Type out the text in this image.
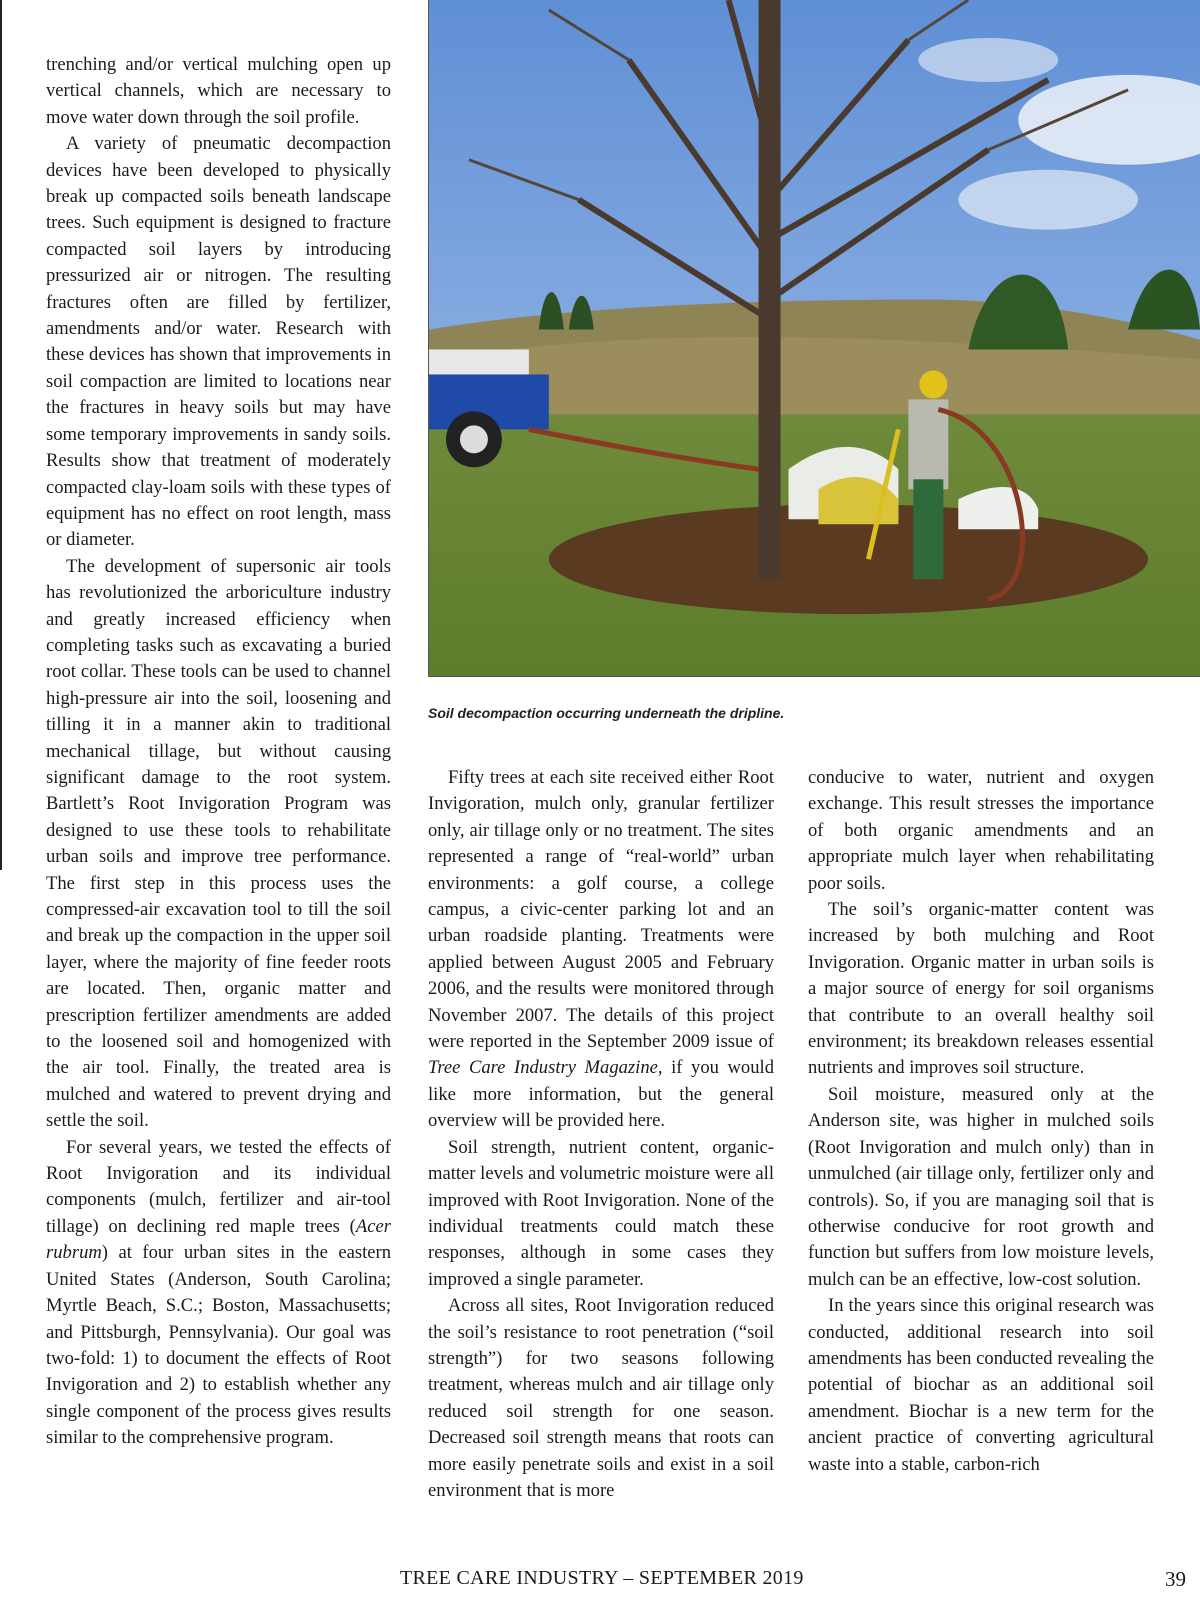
trenching and/or vertical mulching open up vertical channels, which are necessary to move water down through the soil profile.

A variety of pneumatic decompaction devices have been developed to physically break up compacted soils beneath landscape trees. Such equipment is designed to fracture compacted soil layers by introducing pressurized air or nitrogen. The resulting fractures often are filled by fertilizer, amendments and/or water. Research with these devices has shown that improvements in soil compaction are limited to locations near the fractures in heavy soils but may have some temporary improvements in sandy soils. Results show that treatment of moderately compacted clay-loam soils with these types of equipment has no effect on root length, mass or diameter.

The development of supersonic air tools has revolutionized the arboriculture industry and greatly increased efficiency when completing tasks such as excavating a buried root collar. These tools can be used to channel high-pressure air into the soil, loosening and tilling it in a manner akin to traditional mechanical tillage, but without causing significant damage to the root system. Bartlett’s Root Invigoration Program was designed to use these tools to rehabilitate urban soils and improve tree performance. The first step in this process uses the compressed-air excavation tool to till the soil and break up the compaction in the upper soil layer, where the majority of fine feeder roots are located. Then, organic matter and prescription fertilizer amendments are added to the loosened soil and homogenized with the air tool. Finally, the treated area is mulched and watered to prevent drying and settle the soil.

For several years, we tested the effects of Root Invigoration and its individual components (mulch, fertilizer and air-tool tillage) on declining red maple trees (Acer rubrum) at four urban sites in the eastern United States (Anderson, South Carolina; Myrtle Beach, S.C.; Boston, Massachusetts; and Pittsburgh, Pennsylvania). Our goal was two-fold: 1) to document the effects of Root Invigoration and 2) to establish whether any single component of the process gives results similar to the comprehensive program.

Soil decompaction occurring underneath the dripline.

Fifty trees at each site received either Root Invigoration, mulch only, granular fertilizer only, air tillage only or no treatment. The sites represented a range of “real-world” urban environments: a golf course, a college campus, a civic-center parking lot and an urban roadside planting. Treatments were applied between August 2005 and February 2006, and the results were monitored through November 2007. The details of this project were reported in the September 2009 issue of Tree Care Industry Magazine, if you would like more information, but the general overview will be provided here.

Soil strength, nutrient content, organic-matter levels and volumetric moisture were all improved with Root Invigoration. None of the individual treatments could match these responses, although in some cases they improved a single parameter.

Across all sites, Root Invigoration reduced the soil’s resistance to root penetration (“soil strength”) for two seasons following treatment, whereas mulch and air tillage only reduced soil strength for one season. Decreased soil strength means that roots can more easily penetrate soils and exist in a soil environment that is more

conducive to water, nutrient and oxygen exchange. This result stresses the importance of both organic amendments and an appropriate mulch layer when rehabilitating poor soils.

The soil’s organic-matter content was increased by both mulching and Root Invigoration. Organic matter in urban soils is a major source of energy for soil organisms that contribute to an overall healthy soil environment; its breakdown releases essential nutrients and improves soil structure.

Soil moisture, measured only at the Anderson site, was higher in mulched soils (Root Invigoration and mulch only) than in unmulched (air tillage only, fertilizer only and controls). So, if you are managing soil that is otherwise conducive for root growth and function but suffers from low moisture levels, mulch can be an effective, low-cost solution.

In the years since this original research was conducted, additional research into soil amendments has been conducted revealing the potential of biochar as an additional soil amendment. Biochar is a new term for the ancient practice of converting agricultural waste into a stable, carbon-rich

TREE CARE INDUSTRY – SEPTEMBER 2019	39
